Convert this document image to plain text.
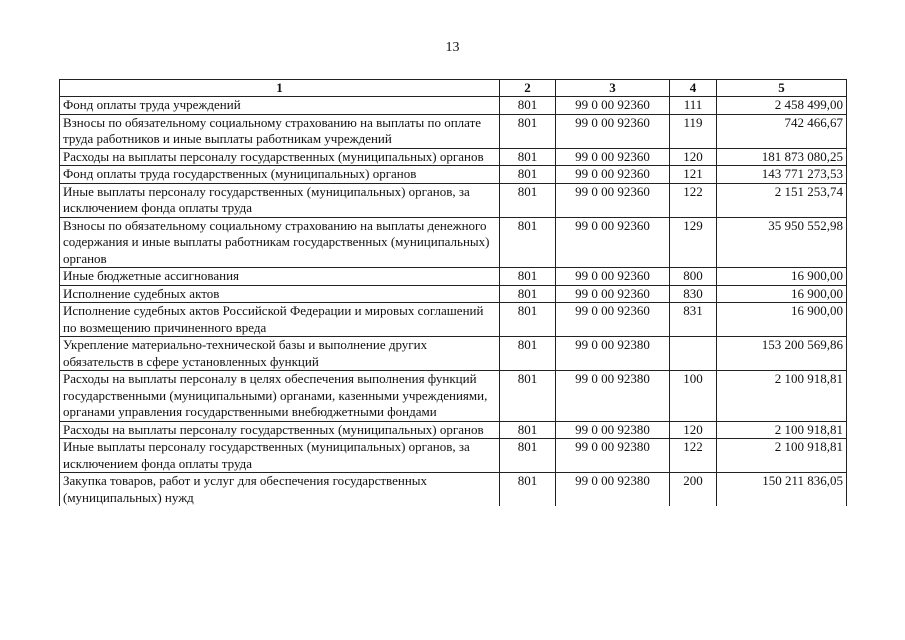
13
1	2	3	4	5
Фонд оплаты труда учреждений	801	99 0 00 92360	111	2 458 499,00
Взносы по обязательному социальному страхованию на выплаты по оплате труда работников и иные выплаты работникам учреждений	801	99 0 00 92360	119	742 466,67
Расходы на выплаты персоналу государственных (муниципальных) органов	801	99 0 00 92360	120	181 873 080,25
Фонд оплаты труда государственных (муниципальных) органов	801	99 0 00 92360	121	143 771 273,53
Иные выплаты персоналу государственных (муниципальных) органов, за исключением фонда оплаты труда	801	99 0 00 92360	122	2 151 253,74
Взносы по обязательному социальному страхованию на выплаты денежного содержания и иные выплаты работникам государственных (муниципальных) органов	801	99 0 00 92360	129	35 950 552,98
Иные бюджетные ассигнования	801	99 0 00 92360	800	16 900,00
Исполнение судебных актов	801	99 0 00 92360	830	16 900,00
Исполнение судебных актов Российской Федерации и мировых соглашений по возмещению причиненного вреда	801	99 0 00 92360	831	16 900,00
Укрепление материально-технической базы и выполнение других обязательств в сфере установленных функций	801	99 0 00 92380		153 200 569,86
Расходы на выплаты персоналу в целях обеспечения выполнения функций государственными (муниципальными) органами, казенными учреждениями, органами управления государственными внебюджетными фондами	801	99 0 00 92380	100	2 100 918,81
Расходы на выплаты персоналу государственных (муниципальных) органов	801	99 0 00 92380	120	2 100 918,81
Иные выплаты персоналу государственных (муниципальных) органов, за исключением фонда оплаты труда	801	99 0 00 92380	122	2 100 918,81
Закупка товаров, работ и услуг для обеспечения государственных (муниципальных) нужд	801	99 0 00 92380	200	150 211 836,05
